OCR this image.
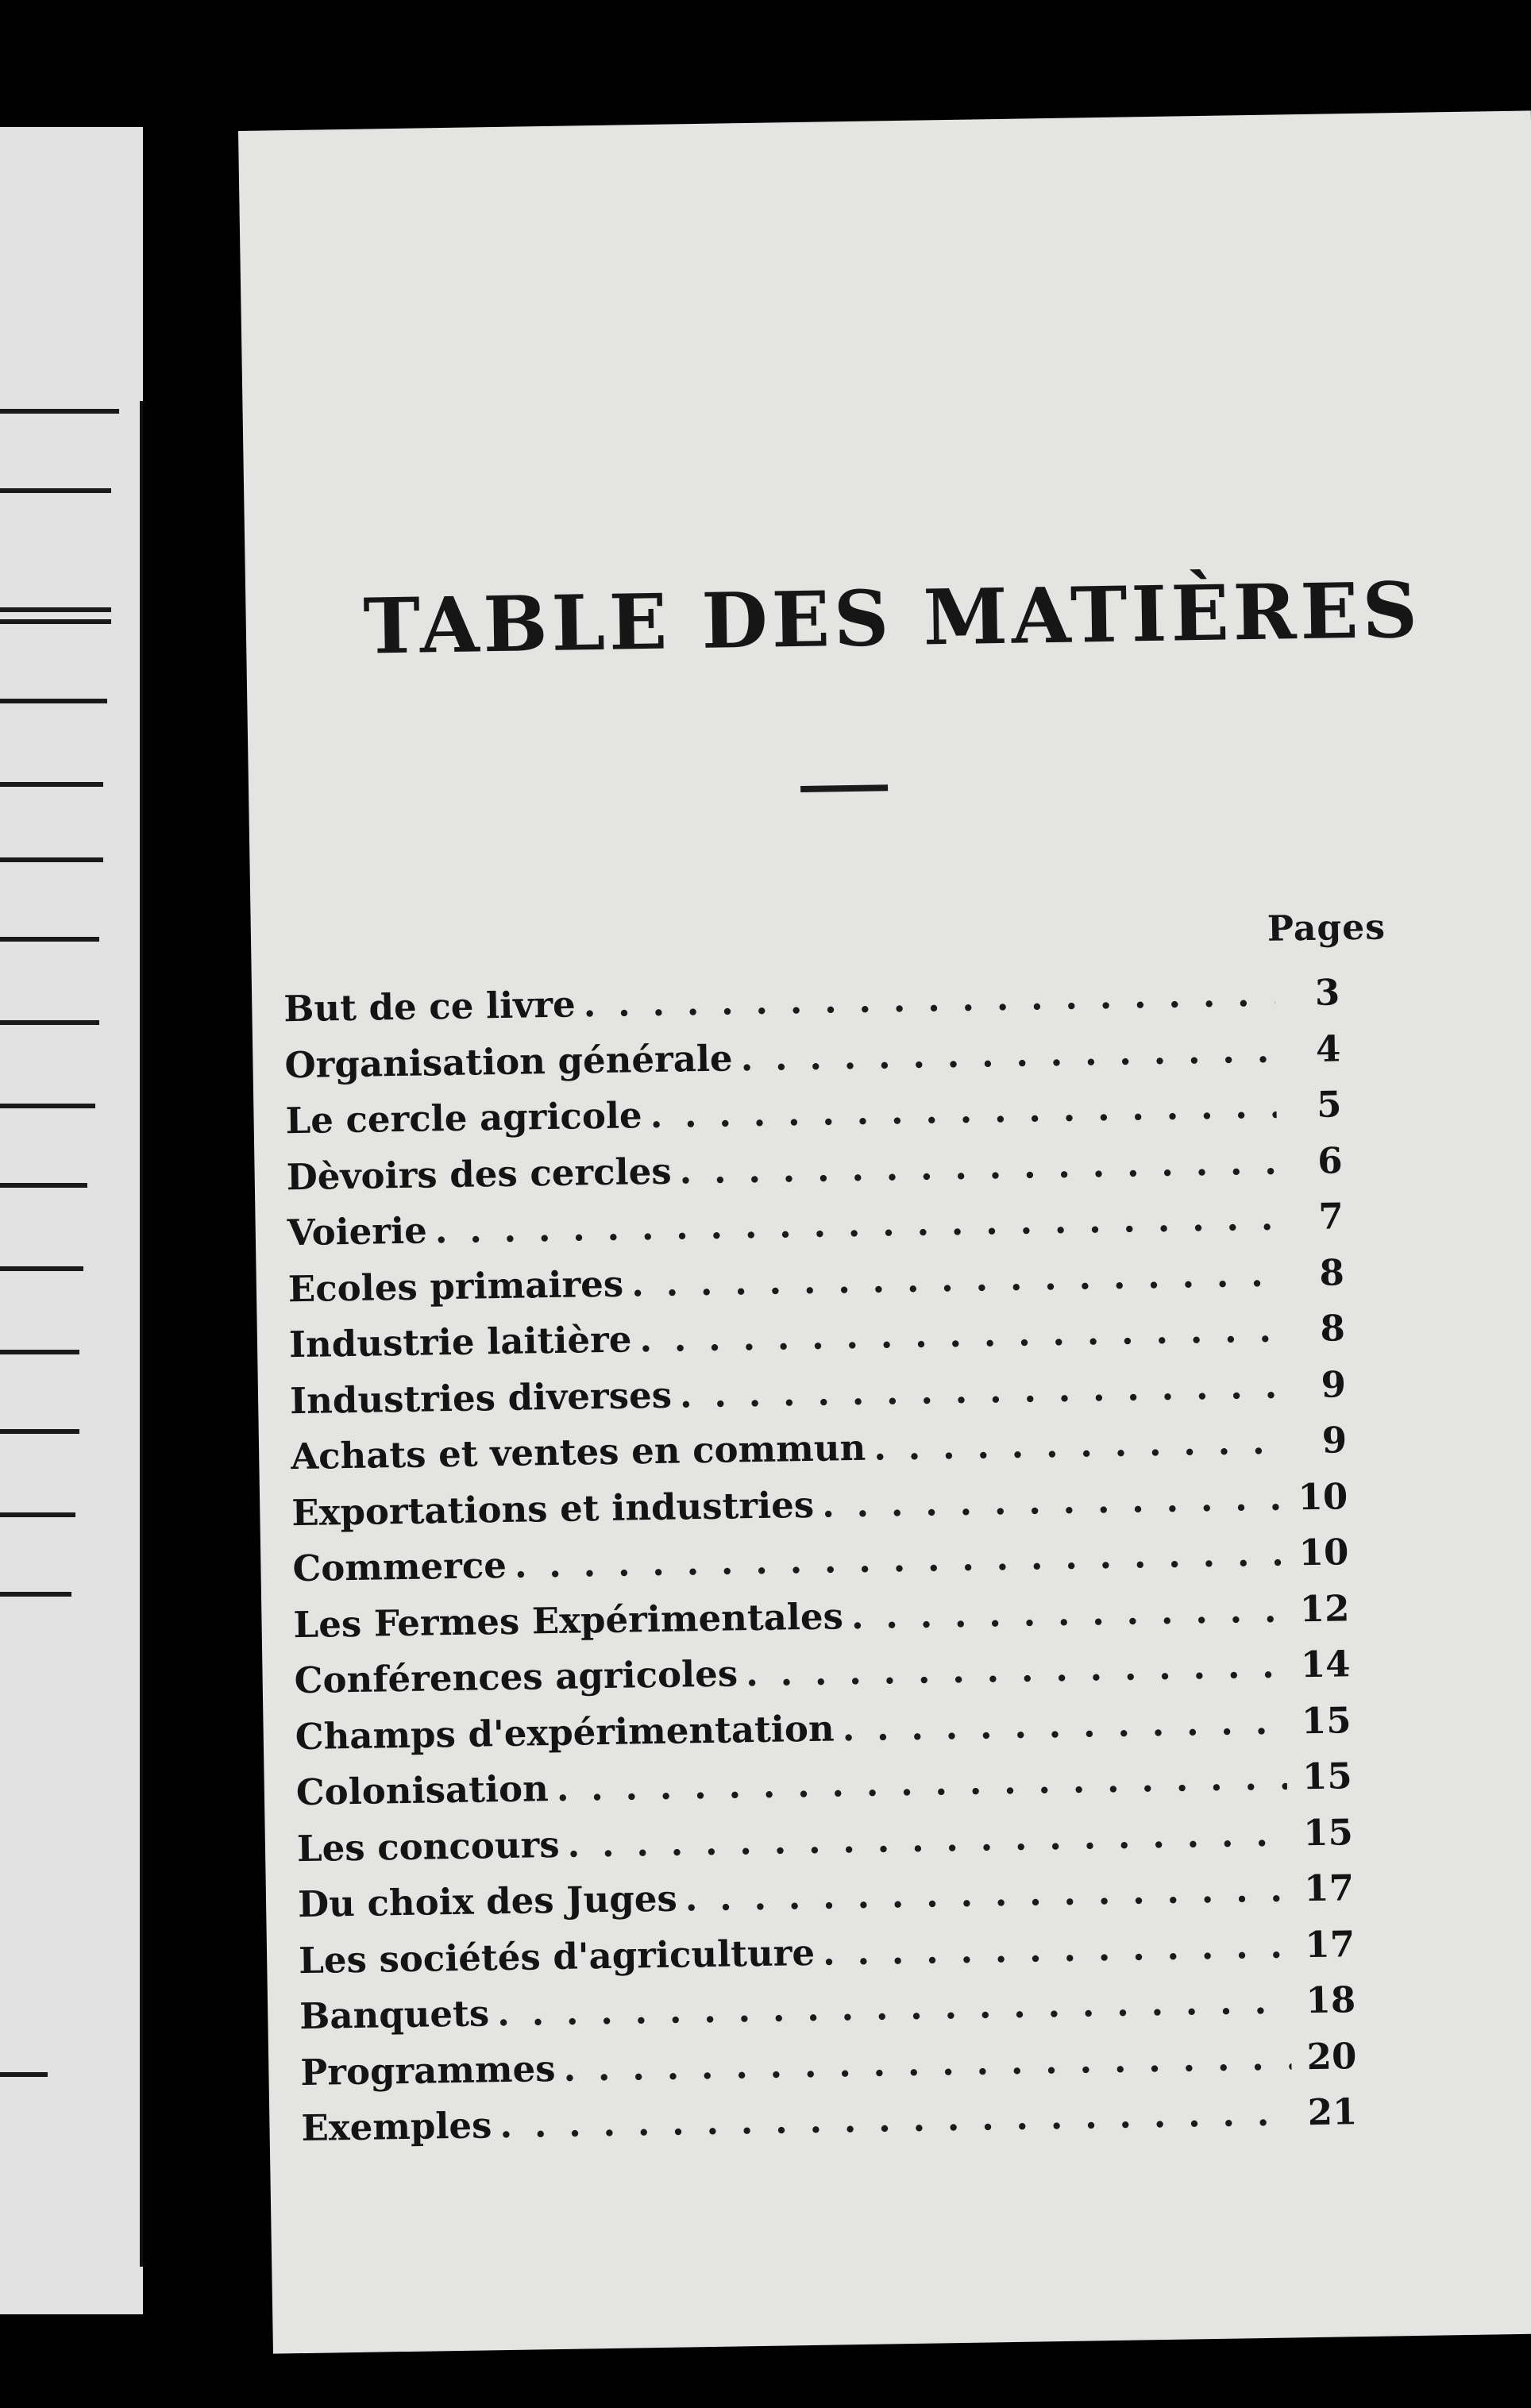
TABLE DES MATIÈRES
Pages
But de ce livre . . .	3
Organisation générale . . .	4
Le cercle agricole . . .	5
Dèvoirs des cercles . . .	6
Voierie . . .	7
Ecoles primaires . . .	8
Industrie laitière . . .	8
Industries diverses . . .	9
Achats et ventes en commun . . .	9
Exportations et industries . . .	10
Commerce . . .	10
Les Fermes Expérimentales . . .	12
Conférences agricoles . . .	14
Champs d'expérimentation . . .	15
Colonisation . . .	15
Les concours . . .	15
Du choix des Juges . . .	17
Les sociétés d'agriculture . . .	17
Banquets . . .	18
Programmes . . .	20
Exemples . . .	21
